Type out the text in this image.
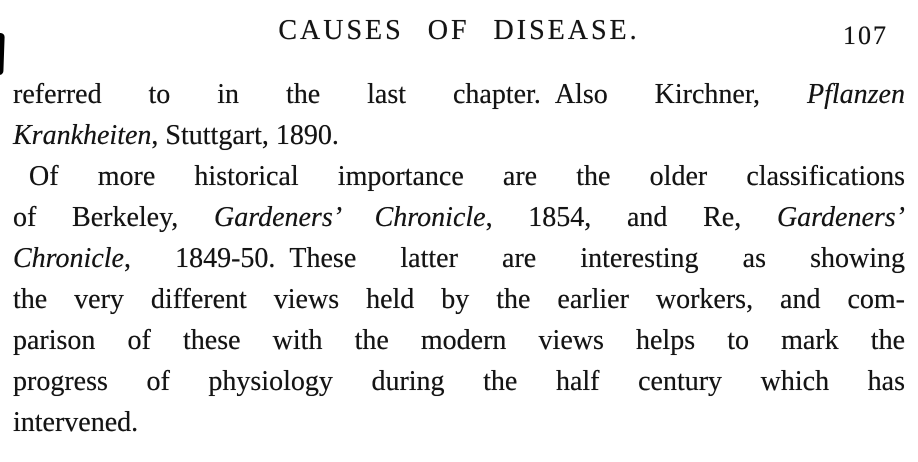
CAUSES OF DISEASE.	107
referred to in the last chapter. Also Kirchner, Pflanzen
Krankheiten, Stuttgart, 1890.
Of more historical importance are the older classifications
of Berkeley, Gardeners’ Chronicle, 1854, and Re, Gardeners’
Chronicle, 1849-50. These latter are interesting as showing
the very different views held by the earlier workers, and com-
parison of these with the modern views helps to mark the
progress of physiology during the half century which has
intervened.
